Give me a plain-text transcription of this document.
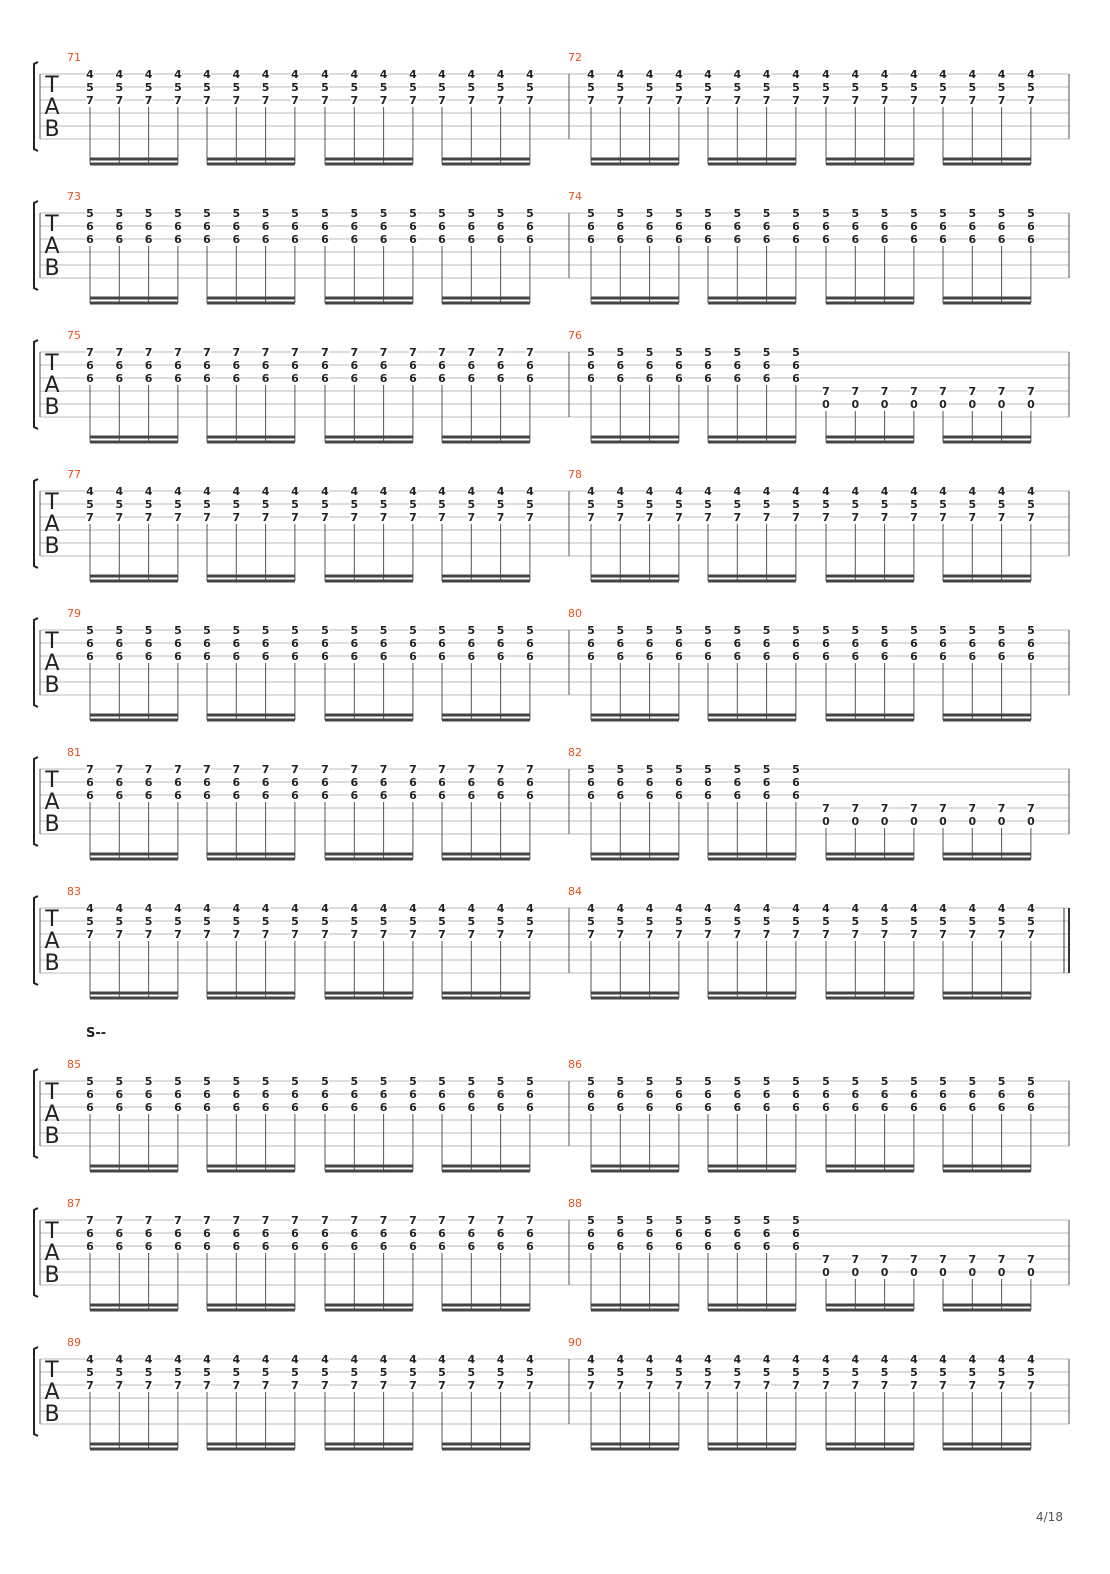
T
A
B
71
4
5
7
4
5
7
4
5
7
4
5
7
4
5
7
4
5
7
4
5
7
4
5
7
4
5
7
4
5
7
4
5
7
4
5
7
4
5
7
4
5
7
4
5
7
4
5
7
72
4
5
7
4
5
7
4
5
7
4
5
7
4
5
7
4
5
7
4
5
7
4
5
7
4
5
7
4
5
7
4
5
7
4
5
7
4
5
7
4
5
7
4
5
7
4
5
7
T
A
B
73
5
6
6
5
6
6
5
6
6
5
6
6
5
6
6
5
6
6
5
6
6
5
6
6
5
6
6
5
6
6
5
6
6
5
6
6
5
6
6
5
6
6
5
6
6
5
6
6
74
5
6
6
5
6
6
5
6
6
5
6
6
5
6
6
5
6
6
5
6
6
5
6
6
5
6
6
5
6
6
5
6
6
5
6
6
5
6
6
5
6
6
5
6
6
5
6
6
T
A
B
75
7
6
6
7
6
6
7
6
6
7
6
6
7
6
6
7
6
6
7
6
6
7
6
6
7
6
6
7
6
6
7
6
6
7
6
6
7
6
6
7
6
6
7
6
6
7
6
6
76
5
6
6
5
6
6
5
6
6
5
6
6
5
6
6
5
6
6
5
6
6
5
6
6
7
0
7
0
7
0
7
0
7
0
7
0
7
0
7
0
T
A
B
77
4
5
7
4
5
7
4
5
7
4
5
7
4
5
7
4
5
7
4
5
7
4
5
7
4
5
7
4
5
7
4
5
7
4
5
7
4
5
7
4
5
7
4
5
7
4
5
7
78
4
5
7
4
5
7
4
5
7
4
5
7
4
5
7
4
5
7
4
5
7
4
5
7
4
5
7
4
5
7
4
5
7
4
5
7
4
5
7
4
5
7
4
5
7
4
5
7
T
A
B
79
5
6
6
5
6
6
5
6
6
5
6
6
5
6
6
5
6
6
5
6
6
5
6
6
5
6
6
5
6
6
5
6
6
5
6
6
5
6
6
5
6
6
5
6
6
5
6
6
80
5
6
6
5
6
6
5
6
6
5
6
6
5
6
6
5
6
6
5
6
6
5
6
6
5
6
6
5
6
6
5
6
6
5
6
6
5
6
6
5
6
6
5
6
6
5
6
6
T
A
B
81
7
6
6
7
6
6
7
6
6
7
6
6
7
6
6
7
6
6
7
6
6
7
6
6
7
6
6
7
6
6
7
6
6
7
6
6
7
6
6
7
6
6
7
6
6
7
6
6
82
5
6
6
5
6
6
5
6
6
5
6
6
5
6
6
5
6
6
5
6
6
5
6
6
7
0
7
0
7
0
7
0
7
0
7
0
7
0
7
0
T
A
B
83
4
5
7
4
5
7
4
5
7
4
5
7
4
5
7
4
5
7
4
5
7
4
5
7
4
5
7
4
5
7
4
5
7
4
5
7
4
5
7
4
5
7
4
5
7
4
5
7
84
4
5
7
4
5
7
4
5
7
4
5
7
4
5
7
4
5
7
4
5
7
4
5
7
4
5
7
4
5
7
4
5
7
4
5
7
4
5
7
4
5
7
4
5
7
4
5
7
T
A
B
85
5
6
6
5
6
6
5
6
6
5
6
6
5
6
6
5
6
6
5
6
6
5
6
6
5
6
6
5
6
6
5
6
6
5
6
6
5
6
6
5
6
6
5
6
6
5
6
6
86
5
6
6
5
6
6
5
6
6
5
6
6
5
6
6
5
6
6
5
6
6
5
6
6
5
6
6
5
6
6
5
6
6
5
6
6
5
6
6
5
6
6
5
6
6
5
6
6
T
A
B
87
7
6
6
7
6
6
7
6
6
7
6
6
7
6
6
7
6
6
7
6
6
7
6
6
7
6
6
7
6
6
7
6
6
7
6
6
7
6
6
7
6
6
7
6
6
7
6
6
88
5
6
6
5
6
6
5
6
6
5
6
6
5
6
6
5
6
6
5
6
6
5
6
6
7
0
7
0
7
0
7
0
7
0
7
0
7
0
7
0
T
A
B
89
4
5
7
4
5
7
4
5
7
4
5
7
4
5
7
4
5
7
4
5
7
4
5
7
4
5
7
4
5
7
4
5
7
4
5
7
4
5
7
4
5
7
4
5
7
4
5
7
90
4
5
7
4
5
7
4
5
7
4
5
7
4
5
7
4
5
7
4
5
7
4
5
7
4
5
7
4
5
7
4
5
7
4
5
7
4
5
7
4
5
7
4
5
7
4
5
7
S--
4/18
